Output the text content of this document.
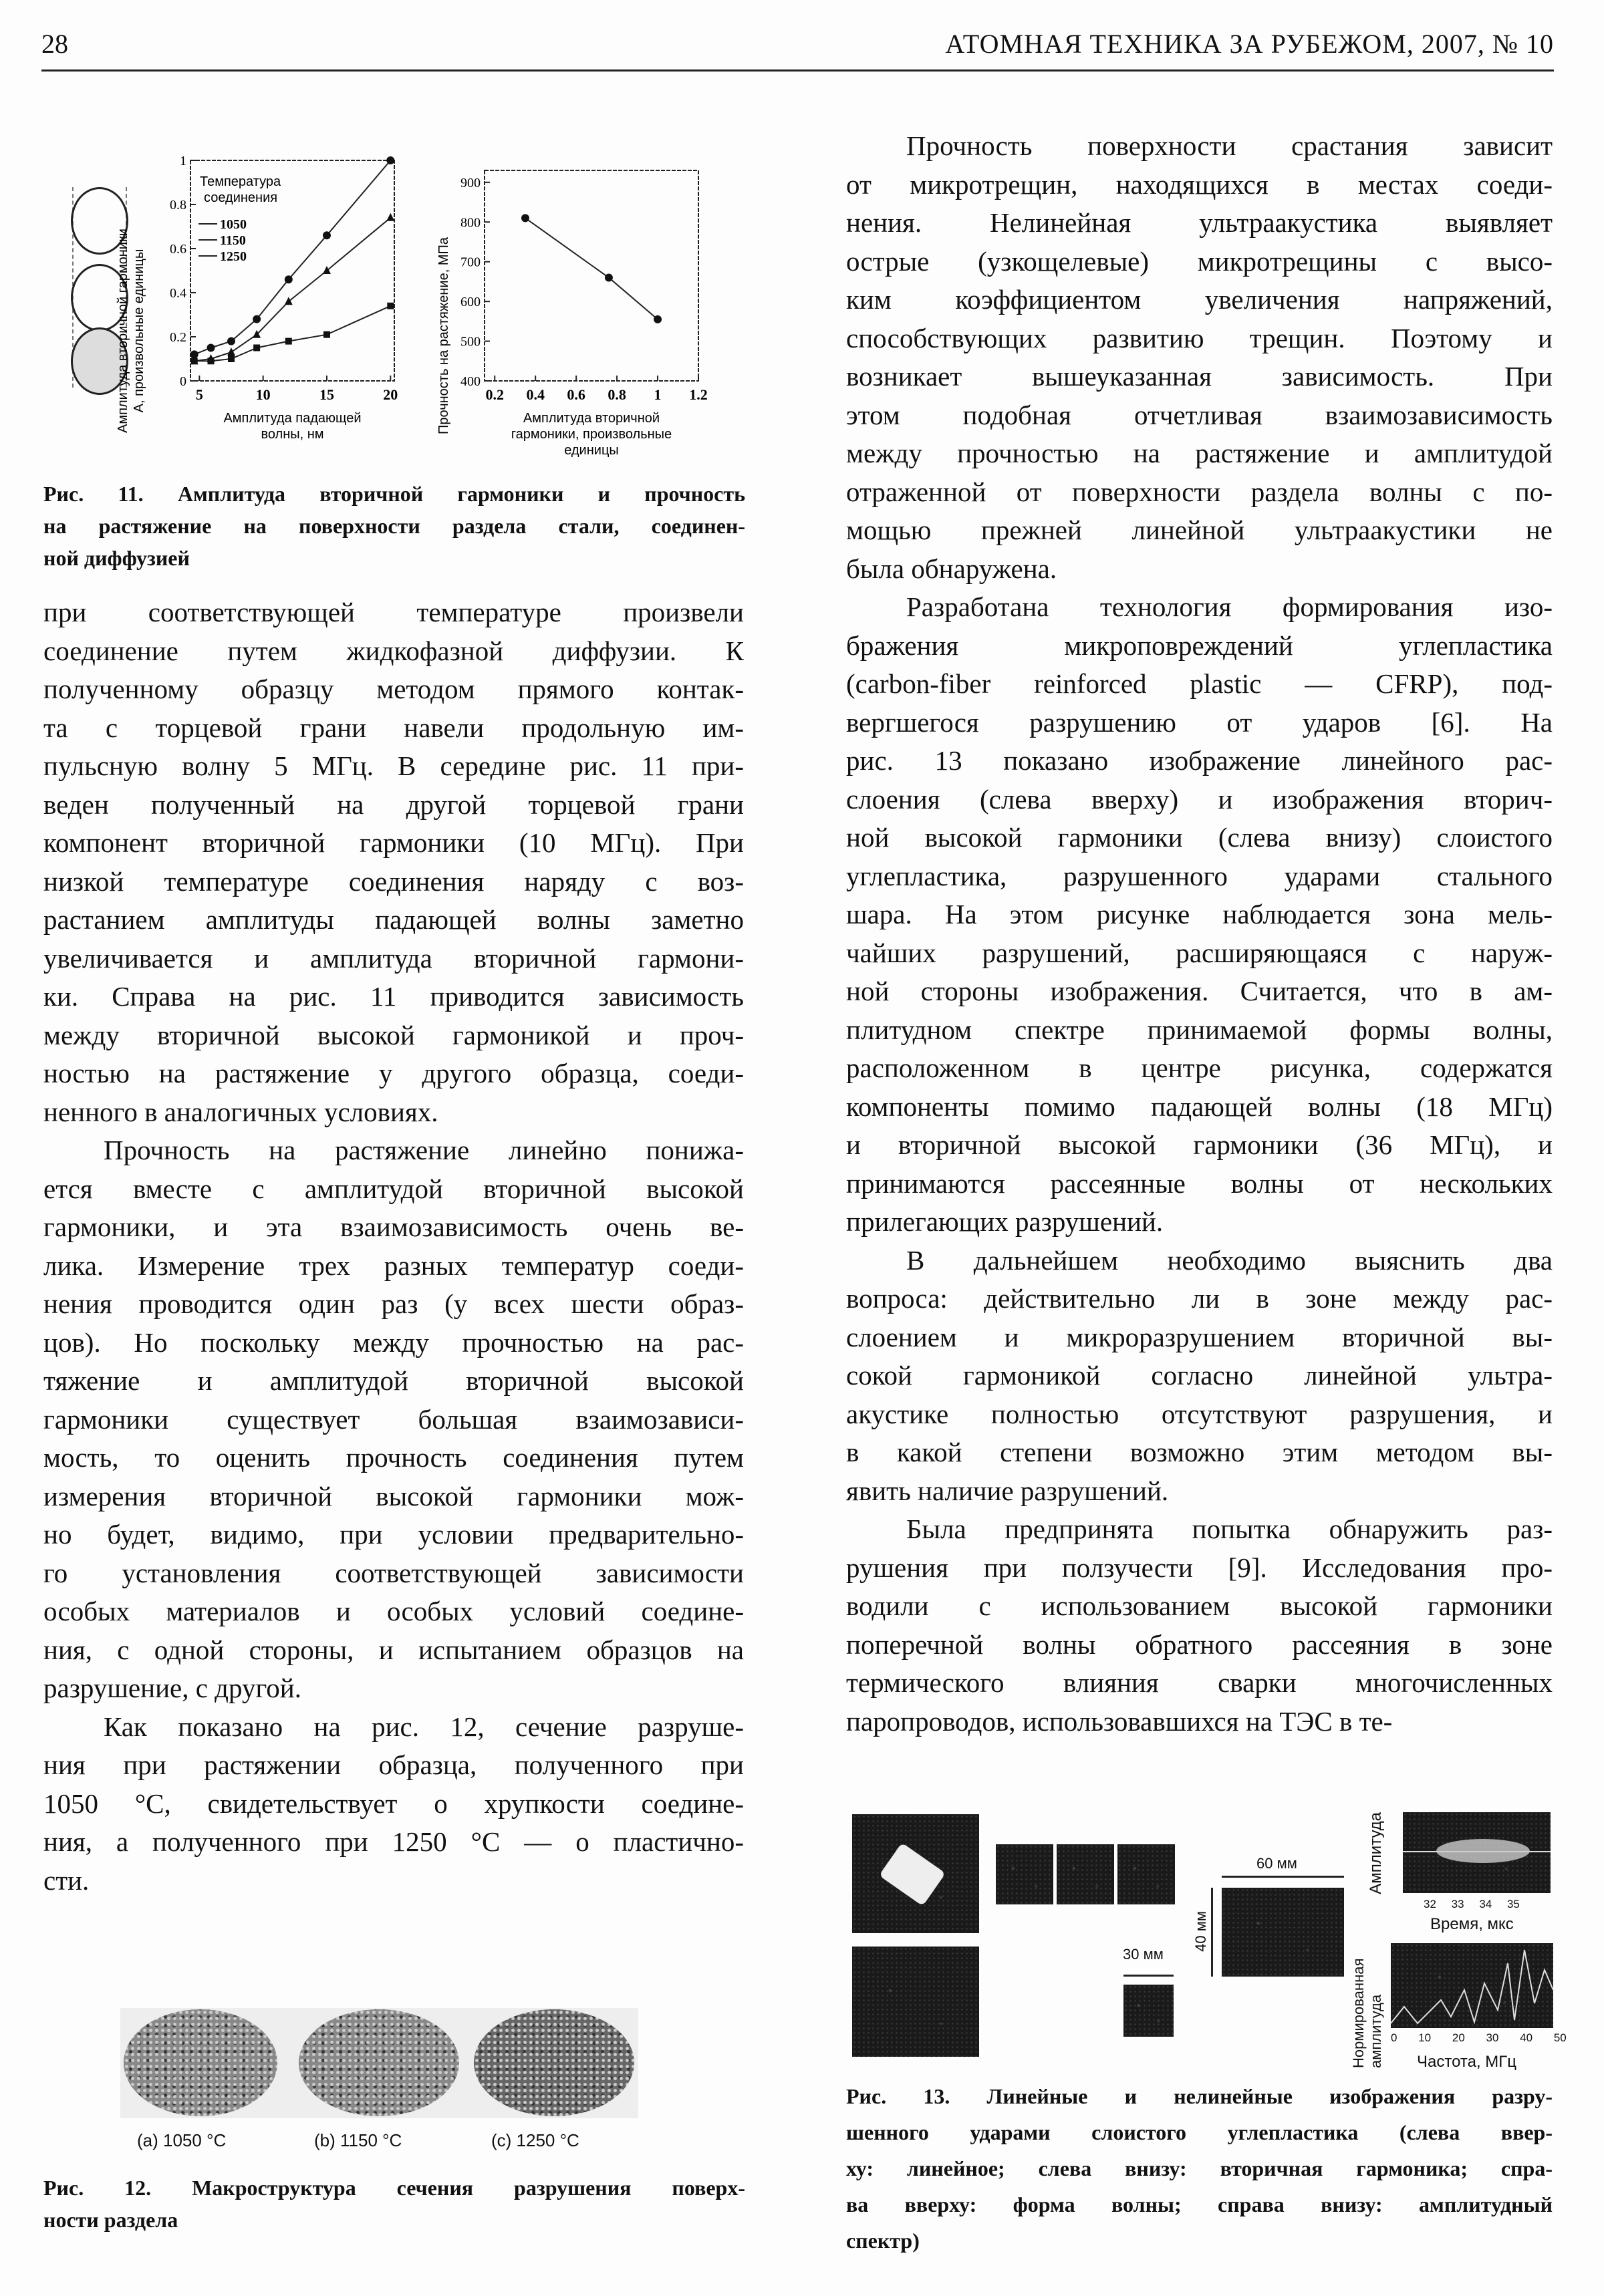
28	АТОМНАЯ ТЕХНИКА ЗА РУБЕЖОМ, 2007, № 10
5	10	15	20
0
0.2
0.4
0.6
0.8
1
Амплитуда падающей волны, нм
Амплитуда вторичной гармоники А, произвольные единицы
Температура соединения
1050
1150
1250
0.2 0.4 0.6 0.8 1 1.2
400
500
600
700
800
900
Амплитуда вторичной гармоники, произвольные единицы
Прочность на растяжение, МПа
Рис. 11. Амплитуда вторичной гармоники и прочность
на растяжение на поверхности раздела стали, соединен-
ной диффузией
при соответствующей температуре произвели
соединение путем жидкофазной диффузии. К
полученному образцу методом прямого контак-
та с торцевой грани навели продольную им-
пульсную волну 5 МГц. В середине рис. 11 при-
веден полученный на другой торцевой грани
компонент вторичной гармоники (10 МГц). При
низкой температуре соединения наряду с воз-
растанием амплитуды падающей волны заметно
увеличивается и амплитуда вторичной гармони-
ки. Справа на рис. 11 приводится зависимость
между вторичной высокой гармоникой и проч-
ностью на растяжение у другого образца, соеди-
ненного в аналогичных условиях.
Прочность на растяжение линейно понижа-
ется вместе с амплитудой вторичной высокой
гармоники, и эта взаимозависимость очень ве-
лика. Измерение трех разных температур соеди-
нения проводится один раз (у всех шести образ-
цов). Но поскольку между прочностью на рас-
тяжение и амплитудой вторичной высокой
гармоники существует большая взаимозависи-
мость, то оценить прочность соединения путем
измерения вторичной высокой гармоники мож-
но будет, видимо, при условии предварительно-
го установления соответствующей зависимости
особых материалов и особых условий соедине-
ния, с одной стороны, и испытанием образцов на
разрушение, с другой.
Как показано на рис. 12, сечение разруше-
ния при растяжении образца, полученного при
1050 °C, свидетельствует о хрупкости соедине-
ния, а полученного при 1250 °C — о пластично-
сти.
Прочность поверхности срастания зависит
от микротрещин, находящихся в местах соеди-
нения. Нелинейная ультраакустика выявляет
острые (узкощелевые) микротрещины с высо-
ким коэффициентом увеличения напряжений,
способствующих развитию трещин. Поэтому и
возникает вышеуказанная зависимость. При
этом подобная отчетливая взаимозависимость
между прочностью на растяжение и амплитудой
отраженной от поверхности раздела волны с по-
мощью прежней линейной ультраакустики не
была обнаружена.
Разработана технология формирования изо-
бражения микроповреждений углепластика
(carbon-fiber reinforced plastic — CFRP), под-
вергшегося разрушению от ударов [6]. На
рис. 13 показано изображение линейного рас-
слоения (слева вверху) и изображения вторич-
ной высокой гармоники (слева внизу) слоистого
углепластика, разрушенного ударами стального
шара. На этом рисунке наблюдается зона мель-
чайших разрушений, расширяющаяся с наруж-
ной стороны изображения. Считается, что в ам-
плитудном спектре принимаемой формы волны,
расположенном в центре рисунка, содержатся
компоненты помимо падающей волны (18 МГц)
и вторичной высокой гармоники (36 МГц), и
принимаются рассеянные волны от нескольких
прилегающих разрушений.
В дальнейшем необходимо выяснить два
вопроса: действительно ли в зоне между рас-
слоением и микроразрушением вторичной вы-
сокой гармоникой согласно линейной ультра-
акустике полностью отсутствуют разрушения, и
в какой степени возможно этим методом вы-
явить наличие разрушений.
Была предпринята попытка обнаружить раз-
рушения при ползучести [9]. Исследования про-
водили с использованием высокой гармоники
поперечной волны обратного рассеяния в зоне
термического влияния сварки многочисленных
паропроводов, использовавшихся на ТЭС в те-
(a) 1050 °C	(b) 1150 °C	(c) 1250 °C
Рис. 12. Макроструктура сечения разрушения поверх-
ности раздела
30 мм
60 мм
40 мм
Амплитуда
32 33 34 35
Время, мкс
Нормированная амплитуда 0 10 20 30 40 50
Частота, МГц
Рис. 13. Линейные и нелинейные изображения разру-
шенного ударами слоистого углепластика (слева ввер-
ху: линейное; слева внизу: вторичная гармоника; спра-
ва вверху: форма волны; справа внизу: амплитудный
спектр)
